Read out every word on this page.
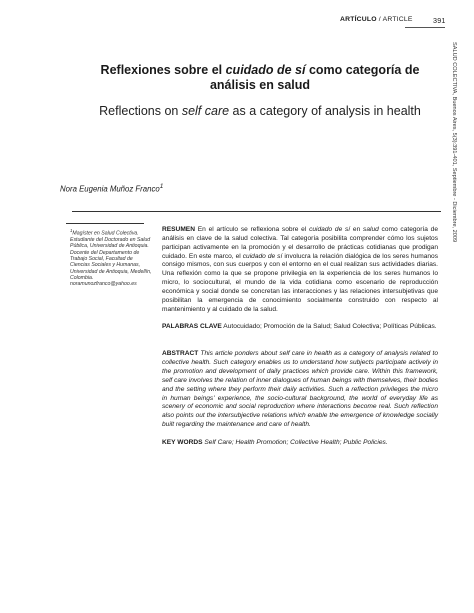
ARTÍCULO / ARTICLE	391
SALUD COLECTIVA, Buenos Aires, 5(3):391-401, Septiembre - Diciembre, 2009
Reflexiones sobre el cuidado de sí como categoría de análisis en salud
Reflections on self care as a category of analysis in health
Nora Eugenia Muñoz Franco$^1$
$^1$Magíster en Salud Colectiva. Estudiante del Doctorado en Salud Pública, Universidad de Antioquia. Docente del Departamento de Trabajo Social, Facultad de Ciencias Sociales y Humanas, Universidad de Antioquia, Medellín, Colombia. noramunozfranco@yahoo.es
RESUMEN En el artículo se reflexiona sobre el cuidado de sí en salud como categoría de análisis en clave de la salud colectiva. Tal categoría posibilita comprender cómo los sujetos participan activamente en la promoción y el desarrollo de prácticas cotidianas que prodigan cuidado. En este marco, el cuidado de sí involucra la relación dialógica de los seres humanos consigo mismos, con sus cuerpos y con el entorno en el cual realizan sus actividades diarias. Una reflexión como la que se propone privilegia en la experiencia de los seres humanos lo micro, lo sociocultural, el mundo de la vida cotidiana como escenario de reproducción económica y social donde se concretan las interacciones y las relaciones intersubjetivas que posibilitan la emergencia de conocimiento socialmente construido con respecto al mantenimiento y al cuidado de la salud.
PALABRAS CLAVE Autocuidado; Promoción de la Salud; Salud Colectiva; Políticas Públicas.
ABSTRACT This article ponders about self care in health as a category of analysis related to collective health. Such category enables us to understand how subjects participate actively in the promotion and development of daily practices which provide care. Within this framework, self care involves the relation of inner dialogues of human beings with themselves, their bodies and the setting where they perform their daily activities. Such a reflection privileges the micro in human beings' experience, the socio-cultural background, the world of everyday life as scenery of economic and social reproduction where interactions become real. Such reflection also points out the intersubjective relations which enable the emergence of knowledge socially built regarding the maintenance and care of health.
KEY WORDS Self Care; Health Promotion; Collective Health; Public Policies.
